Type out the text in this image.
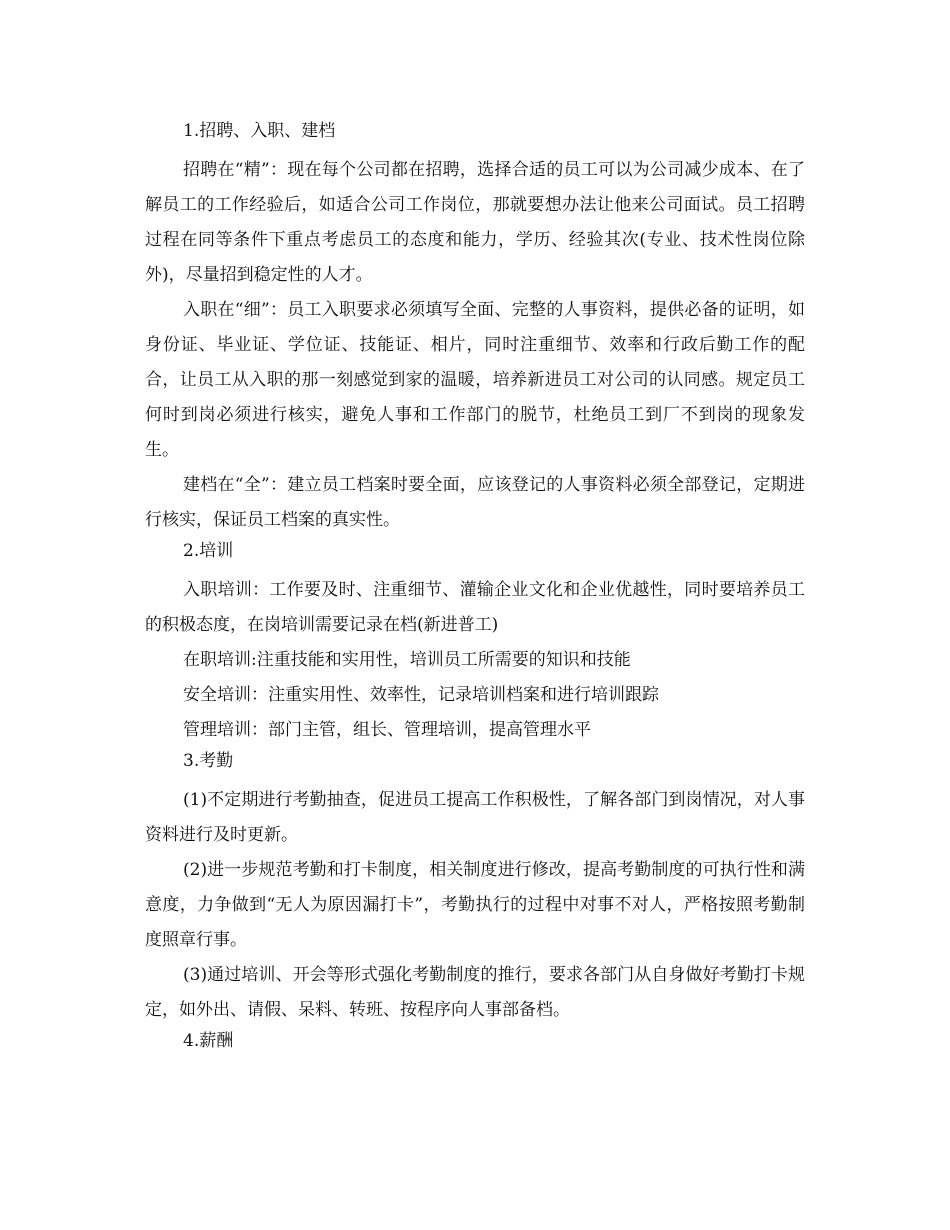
1.招聘、入职、建档

招聘在“精”：现在每个公司都在招聘，选择合适的员工可以为公司减少成本、在了解员工的工作经验后，如适合公司工作岗位，那就要想办法让他来公司面试。员工招聘过程在同等条件下重点考虑员工的态度和能力，学历、经验其次(专业、技术性岗位除外)，尽量招到稳定性的人才。

入职在“细”：员工入职要求必须填写全面、完整的人事资料，提供必备的证明，如身份证、毕业证、学位证、技能证、相片，同时注重细节、效率和行政后勤工作的配合，让员工从入职的那一刻感觉到家的温暖，培养新进员工对公司的认同感。规定员工何时到岗必须进行核实，避免人事和工作部门的脱节，杜绝员工到厂不到岗的现象发生。

建档在“全”：建立员工档案时要全面，应该登记的人事资料必须全部登记，定期进行核实，保证员工档案的真实性。

2.培训

入职培训：工作要及时、注重细节、灌输企业文化和企业优越性，同时要培养员工的积极态度，在岗培训需要记录在档(新进普工)

在职培训:注重技能和实用性，培训员工所需要的知识和技能

安全培训：注重实用性、效率性，记录培训档案和进行培训跟踪

管理培训：部门主管，组长、管理培训，提高管理水平

3.考勤

(1)不定期进行考勤抽查，促进员工提高工作积极性，了解各部门到岗情况，对人事资料进行及时更新。

(2)进一步规范考勤和打卡制度，相关制度进行修改，提高考勤制度的可执行性和满意度，力争做到“无人为原因漏打卡”，考勤执行的过程中对事不对人，严格按照考勤制度照章行事。

(3)通过培训、开会等形式强化考勤制度的推行，要求各部门从自身做好考勤打卡规定，如外出、请假、呆料、转班、按程序向人事部备档。

4.薪酬
